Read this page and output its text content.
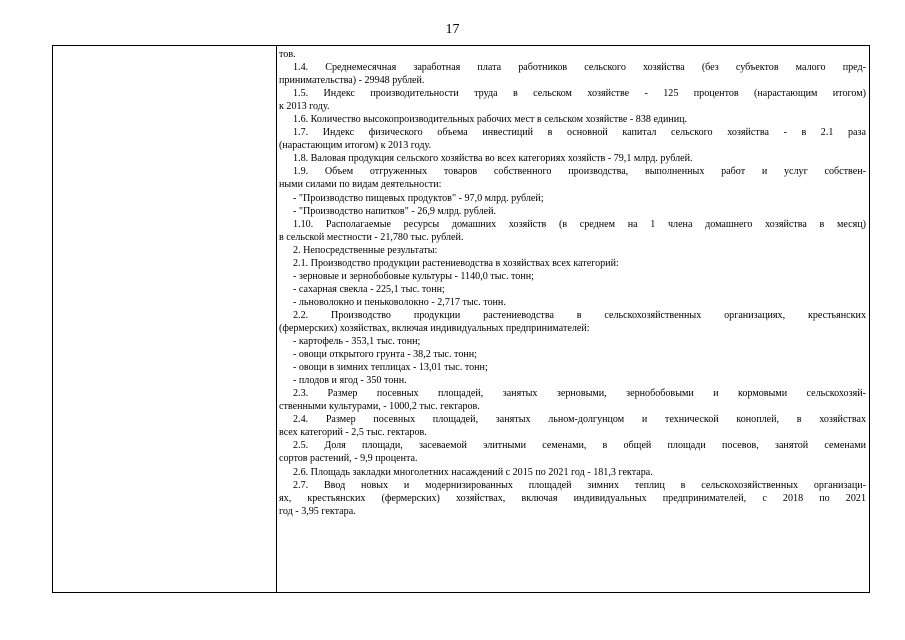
17
тов.
1.4. Среднемесячная заработная плата работников сельского хозяйства (без субъектов малого пред-
принимательства) - 29948 рублей.
1.5. Индекс производительности труда в сельском хозяйстве - 125 процентов (нарастающим итогом)
к 2013 году.
1.6. Количество высокопроизводительных рабочих мест в сельском хозяйстве - 838 единиц.
1.7. Индекс физического объема инвестиций в основной капитал сельского хозяйства - в 2.1 раза
(нарастающим итогом) к 2013 году.
1.8. Валовая продукция сельского хозяйства во всех категориях хозяйств - 79,1 млрд. рублей.
1.9. Объем отгруженных товаров собственного производства, выполненных работ и услуг собствен-
ными силами по видам деятельности:
- "Производство пищевых продуктов" - 97,0 млрд. рублей;
- "Производство напитков" - 26,9 млрд. рублей.
1.10. Располагаемые ресурсы домашних хозяйств (в среднем на 1 члена домашнего хозяйства в месяц)
в сельской местности - 21,780 тыс. рублей.
2. Непосредственные результаты:
2.1. Производство продукции растениеводства в хозяйствах всех категорий:
- зерновые и зернобобовые культуры - 1140,0 тыс. тонн;
- сахарная свекла - 225,1 тыс. тонн;
- льноволокно и пеньковолокно - 2,717 тыс. тонн.
2.2. Производство продукции растениеводства в сельскохозяйственных организациях, крестьянских
(фермерских) хозяйствах, включая индивидуальных предпринимателей:
- картофель - 353,1 тыс. тонн;
- овощи открытого грунта - 38,2 тыс. тонн;
- овощи в зимних теплицах - 13,01 тыс. тонн;
- плодов и ягод - 350 тонн.
2.3. Размер посевных площадей, занятых зерновыми, зернобобовыми и кормовыми сельскохозяй-
ственными культурами, - 1000,2 тыс. гектаров.
2.4. Размер посевных площадей, занятых льном-долгунцом и технической коноплей, в хозяйствах
всех категорий - 2,5 тыс. гектаров.
2.5. Доля площади, засеваемой элитными семенами, в общей площади посевов, занятой семенами
сортов растений, - 9,9 процента.
2.6. Площадь закладки многолетних насаждений с 2015 по 2021 год - 181,3 гектара.
2.7. Ввод новых и модернизированных площадей зимних теплиц в сельскохозяйственных организаци-
ях, крестьянских (фермерских) хозяйствах, включая индивидуальных предпринимателей, с 2018 по 2021
год - 3,95 гектара.
